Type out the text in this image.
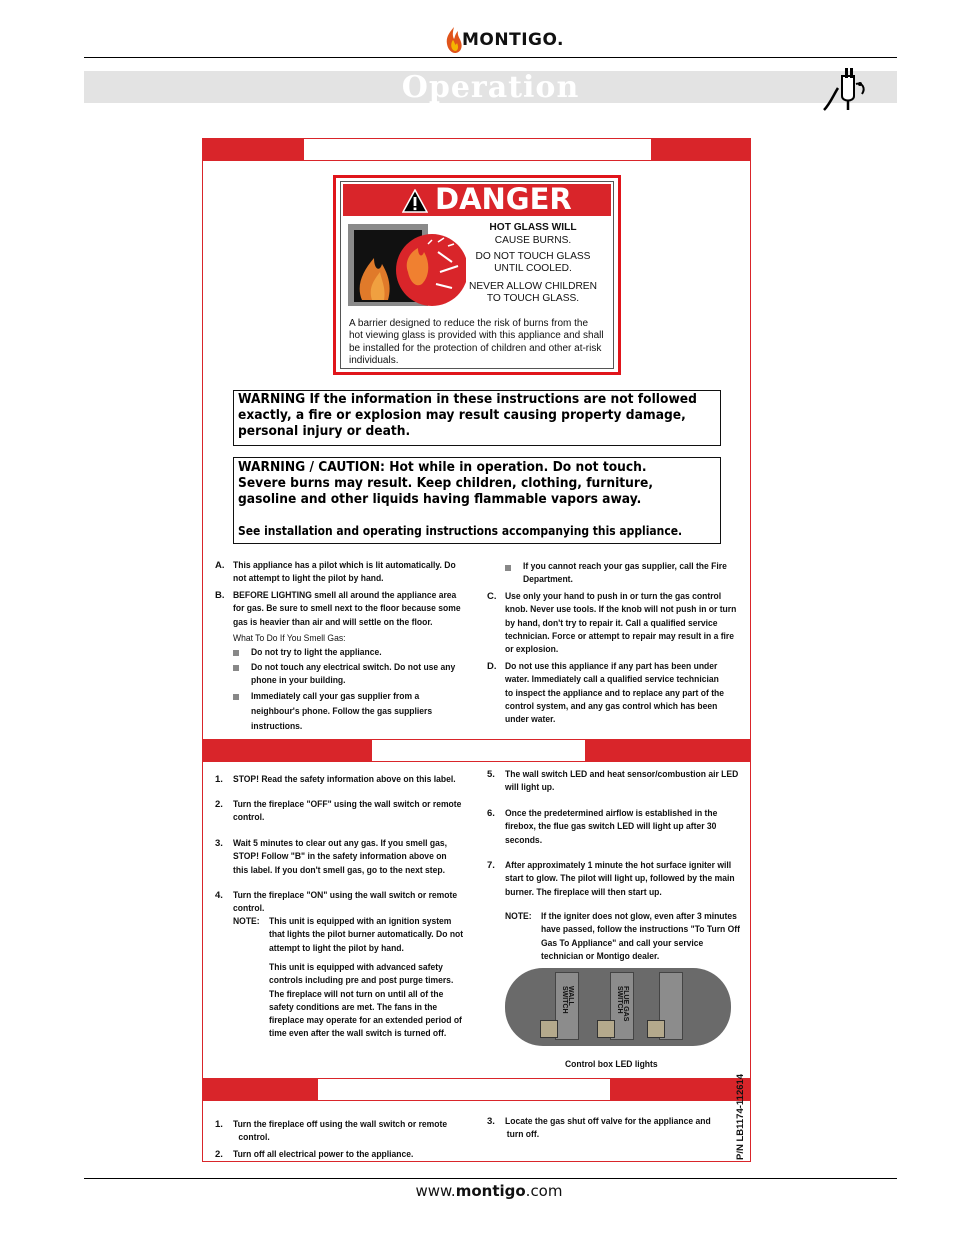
MONTIGO.
Operation
DANGER
HOT GLASS WILL
CAUSE BURNS.
DO NOT TOUCH GLASS
UNTIL COOLED.
NEVER ALLOW CHILDREN
TO TOUCH GLASS.
A barrier designed to reduce the risk of burns from the
hot viewing glass is provided with this appliance and shall
be installed for the protection of children and other at-risk
individuals.
WARNING If the information in these instructions are not followed
exactly, a fire or explosion may result causing property damage,
personal injury or death.
WARNING / CAUTION: Hot while in operation. Do not touch.
Severe burns may result. Keep children, clothing, furniture,
gasoline and other liquids having flammable vapors away.
See installation and operating instructions accompanying this appliance.
A. This appliance has a pilot which is lit automatically. Do
not attempt to light the pilot by hand.
B. BEFORE LIGHTING smell all around the appliance area
for gas. Be sure to smell next to the floor because some
gas is heavier than air and will settle on the floor.
What To Do If You Smell Gas:
Do not try to light the appliance.
Do not touch any electrical switch. Do not use any
phone in your building.
Immediately call your gas supplier from a
neighbour's phone. Follow the gas suppliers
instructions.
If you cannot reach your gas supplier, call the Fire
Department.
C. Use only your hand to push in or turn the gas control
knob. Never use tools. If the knob will not push in or turn
by hand, don't try to repair it. Call a qualified service
technician. Force or attempt to repair may result in a fire
or explosion.
D. Do not use this appliance if any part has been under
water. Immediately call a qualified service technician
to inspect the appliance and to replace any part of the
control system, and any gas control which has been
under water.
1. STOP! Read the safety information above on this label.
2. Turn the fireplace "OFF" using the wall switch or remote
control.
3. Wait 5 minutes to clear out any gas. If you smell gas,
STOP! Follow "B" in the safety information above on
this label. If you don't smell gas, go to the next step.
4. Turn the fireplace "ON" using the wall switch or remote
control.
NOTE: This unit is equipped with an ignition system
that lights the pilot burner automatically. Do not
attempt to light the pilot by hand.
This unit is equipped with advanced safety
controls including pre and post purge timers.
The fireplace will not turn on until all of the
safety conditions are met. The fans in the
fireplace may operate for an extended period of
time even after the wall switch is turned off.
5. The wall switch LED and heat sensor/combustion air LED
will light up.
6. Once the predetermined airflow is established in the
firebox, the flue gas switch LED will light up after 30
seconds.
7. After approximately 1 minute the hot surface igniter will
start to glow. The pilot will light up, followed by the main
burner. The fireplace will then start up.
NOTE: If the igniter does not glow, even after 3 minutes
have passed, follow the instructions "To Turn Off
Gas To Appliance" and call your service
technician or Montigo dealer.
WALL SWITCH	FLUE GAS SWITCH
Control box LED lights
1. Turn the fireplace off using the wall switch or remote
control.
2. Turn off all electrical power to the appliance.
3. Locate the gas shut off valve for the appliance and
turn off.	P/N LB1174-112614
www.montigo.com
